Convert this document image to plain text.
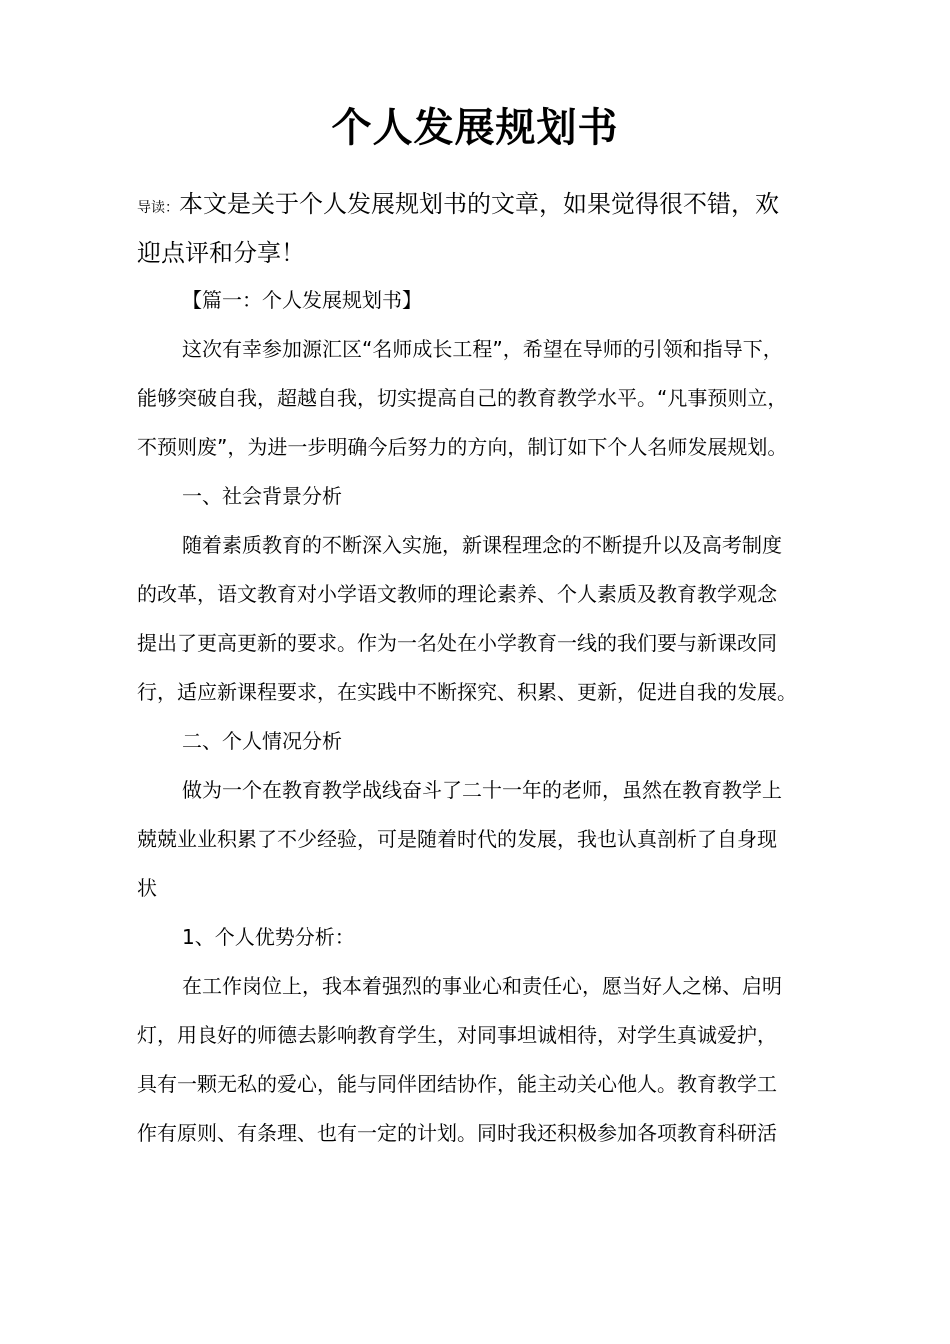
个人发展规划书
导读：本文是关于个人发展规划书的文章，如果觉得很不错，欢
迎点评和分享！
【篇一：个人发展规划书】
这次有幸参加源汇区“名师成长工程”，希望在导师的引领和指导下，
能够突破自我，超越自我，切实提高自己的教育教学水平。“凡事预则立，
不预则废”，为进一步明确今后努力的方向，制订如下个人名师发展规划。
一、社会背景分析
随着素质教育的不断深入实施，新课程理念的不断提升以及高考制度
的改革，语文教育对小学语文教师的理论素养、个人素质及教育教学观念
提出了更高更新的要求。作为一名处在小学教育一线的我们要与新课改同
行，适应新课程要求，在实践中不断探究、积累、更新，促进自我的发展。
二、个人情况分析
做为一个在教育教学战线奋斗了二十一年的老师，虽然在教育教学上
兢兢业业积累了不少经验，可是随着时代的发展，我也认真剖析了自身现
状
1、个人优势分析：
在工作岗位上，我本着强烈的事业心和责任心，愿当好人之梯、启明
灯，用良好的师德去影响教育学生，对同事坦诚相待，对学生真诚爱护，
具有一颗无私的爱心，能与同伴团结协作，能主动关心他人。教育教学工
作有原则、有条理、也有一定的计划。同时我还积极参加各项教育科研活
